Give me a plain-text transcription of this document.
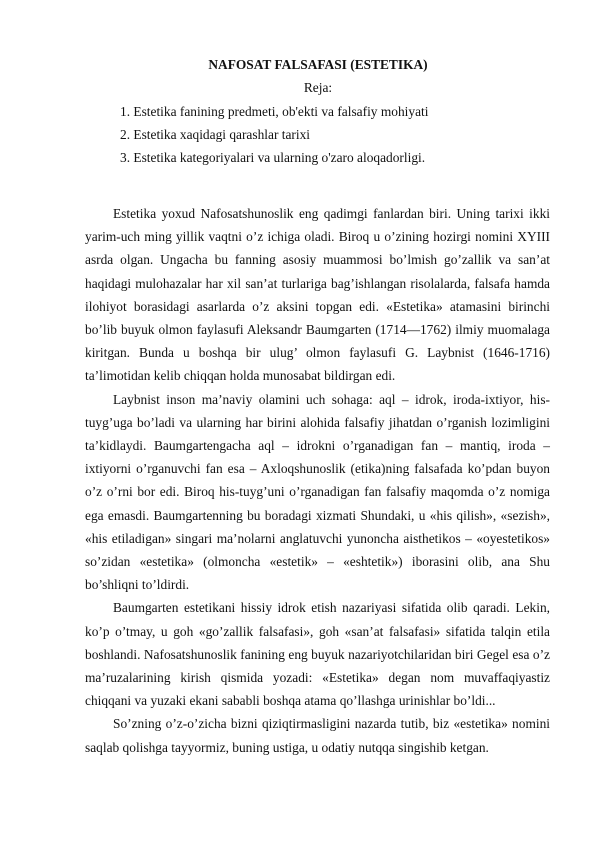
NAFOSAT FALSAFASI (ESTETIKA)
Reja:
1. Estetika fanining predmeti, ob'ekti va falsafiy mohiyati
2. Estetika xaqidagi qarashlar tarixi
3. Estetika kategoriyalari va ularning o'zaro aloqadorligi.

Estetika yoxud Nafosatshunoslik eng qadimgi fanlardan biri. Uning tarixi ikki yarim-uch ming yillik vaqtni o’z ichiga oladi. Biroq u o’zining hozirgi nomini XYIII asrda olgan. Ungacha bu fanning asosiy muammosi bo’lmish go’zallik va san’at haqidagi mulohazalar har xil san’at turlariga bag’ishlangan risolalarda, falsafa hamda ilohiyot borasidagi asarlarda o’z aksini topgan edi. «Estetika» atamasini birinchi bo’lib buyuk olmon faylasufi Aleksandr Baumgarten (1714—1762) ilmiy muomalaga kiritgan. Bunda u boshqa bir ulug’ olmon faylasufi G. Laybnist (1646-1716) ta’limotidan kelib chiqqan holda munosabat bildirgan edi.

Laybnist inson ma’naviy olamini uch sohaga: aql – idrok, iroda-ixtiyor, his-tuyg’uga bo’ladi va ularning har birini alohida falsafiy jihatdan o’rganish lozimligini ta’kidlaydi. Baumgartengacha aql – idrokni o’rganadigan fan – mantiq, iroda – ixtiyorni o’rganuvchi fan esa – Axloqshunoslik (etika)ning falsafada ko’pdan buyon o’z o’rni bor edi. Biroq his-tuyg’uni o’rganadigan fan falsafiy maqomda o’z nomiga ega emasdi. Baumgartenning bu boradagi xizmati Shundaki, u «his qilish», «sezish», «his etiladigan» singari ma’nolarni anglatuvchi yunoncha aisthetikos – «oyestetikos» so’zidan «estetika» (olmoncha «estetik» – «eshtetik») iborasini olib, ana Shu bo’shliqni to’ldirdi.

Baumgarten estetikani hissiy idrok etish nazariyasi sifatida olib qaradi. Lekin, ko’p o’tmay, u goh «go’zallik falsafasi», goh «san’at falsafasi» sifatida talqin etila boshlandi. Nafosatshunoslik fanining eng buyuk nazariyotchilaridan biri Gegel esa o’z ma’ruzalarining kirish qismida yozadi: «Estetika» degan nom muvaffaqiyastiz chiqqani va yuzaki ekani sababli boshqa atama qo’llashga urinishlar bo’ldi...

So’zning o’z-o’zicha bizni qiziqtirmasligini nazarda tutib, biz «estetika» nomini saqlab qolishga tayyormiz, buning ustiga, u odatiy nutqqa singishib ketgan.
